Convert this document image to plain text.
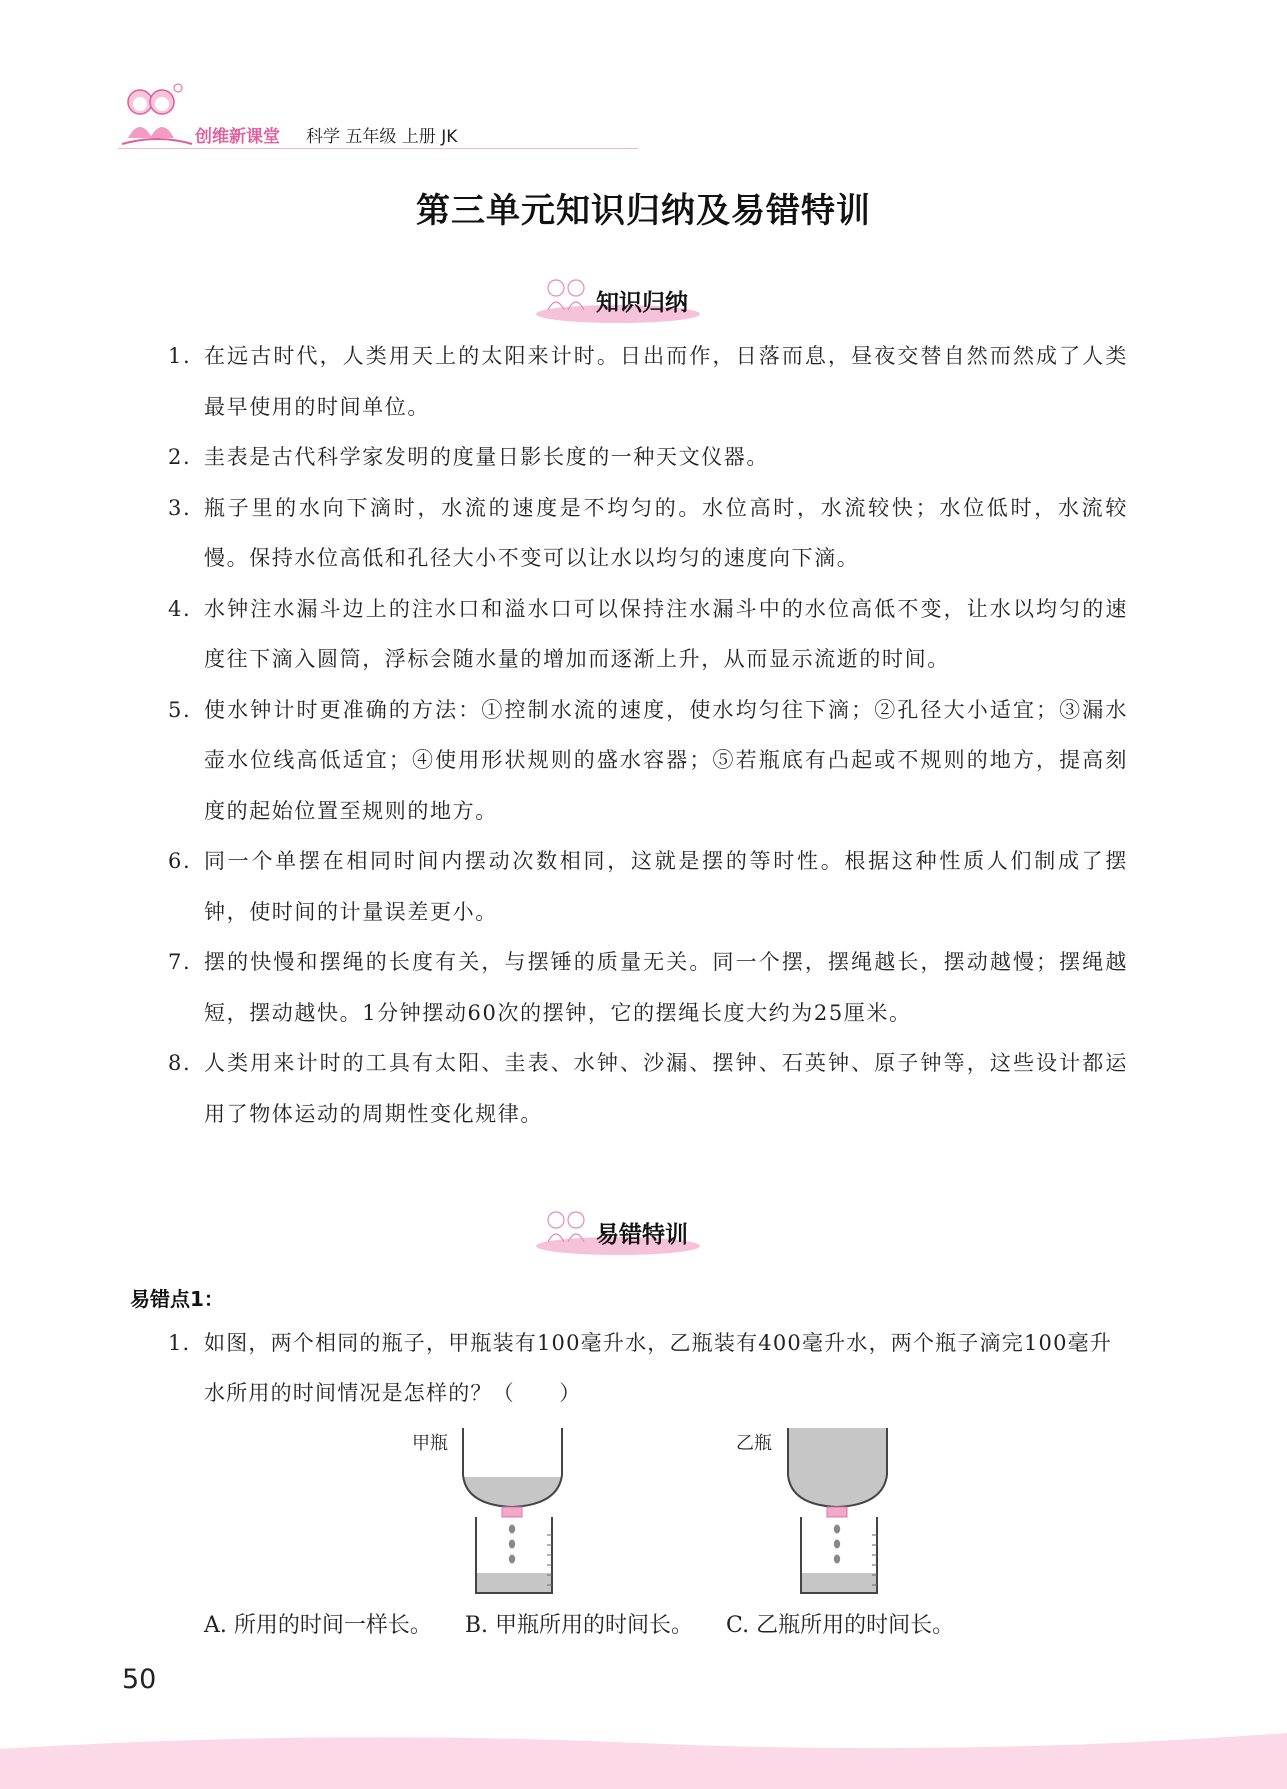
创维新课堂 科学 五年级 上册 JK
第三单元知识归纳及易错特训
知识归纳
1. 在远古时代，人类用天上的太阳来计时。日出而作，日落而息，昼夜交替自然而然成了人类最早使用的时间单位。
2. 圭表是古代科学家发明的度量日影长度的一种天文仪器。
3. 瓶子里的水向下滴时，水流的速度是不均匀的。水位高时，水流较快；水位低时，水流较慢。保持水位高低和孔径大小不变可以让水以均匀的速度向下滴。
4. 水钟注水漏斗边上的注水口和溢水口可以保持注水漏斗中的水位高低不变，让水以均匀的速度往下滴入圆筒，浮标会随水量的增加而逐渐上升，从而显示流逝的时间。
5. 使水钟计时更准确的方法：①控制水流的速度，使水均匀往下滴；②孔径大小适宜；③漏水壶水位线高低适宜；④使用形状规则的盛水容器；⑤若瓶底有凸起或不规则的地方，提高刻度的起始位置至规则的地方。
6. 同一个单摆在相同时间内摆动次数相同，这就是摆的等时性。根据这种性质人们制成了摆钟，使时间的计量误差更小。
7. 摆的快慢和摆绳的长度有关，与摆锤的质量无关。同一个摆，摆绳越长，摆动越慢；摆绳越短，摆动越快。1分钟摆动60次的摆钟，它的摆绳长度大约为25厘米。
8. 人类用来计时的工具有太阳、圭表、水钟、沙漏、摆钟、石英钟、原子钟等，这些设计都运用了物体运动的周期性变化规律。
易错特训
易错点1：
1. 如图，两个相同的瓶子，甲瓶装有100毫升水，乙瓶装有400毫升水，两个瓶子滴完100毫升水所用的时间情况是怎样的？（　　）
甲瓶	乙瓶
A. 所用的时间一样长。 B. 甲瓶所用的时间长。 C. 乙瓶所用的时间长。
50
